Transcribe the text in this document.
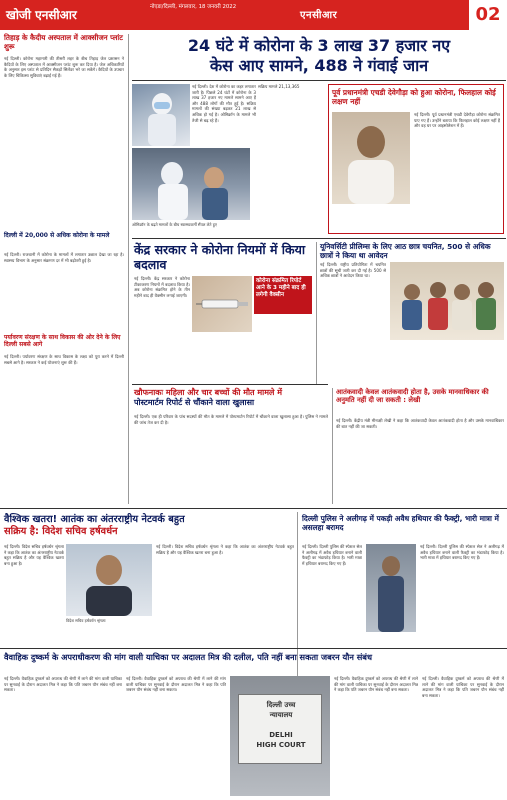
खोजी एनसीआर
नोएडा/दिल्ली, मंगलवार, 18 जनवरी 2022
एनसीआर	02
तिहाड़ के कैदीय अस्पताल में आक्सीजन प्लांट शुरू
नई दिल्ली। कोरोना महामारी की तीसरी लहर के बीच तिहाड़ जेल प्रशासन ने कैदियों के लिए अस्पताल में आक्सीजन प्लांट शुरू कर दिया है। जेल अधिकारियों के अनुसार इस प्लांट से प्रतिदिन सैकड़ों सिलेंडर भरे जा सकेंगे। कैदियों के उपचार के लिए चिकित्सा सुविधाएं बढ़ाई गई हैं।
दिल्ली में 20,000 से अधिक कोरोना के मामले
नई दिल्ली। राजधानी में कोरोना के मामलों में लगातार उछाल देखा जा रहा है। स्वास्थ्य विभाग के अनुसार संक्रमण दर में भी बढ़ोतरी हुई है।
पर्यावरण संरक्षण के साथ विकास की ओर देने के लिए दिल्ली सबसे आगे
नई दिल्ली। पर्यावरण संरक्षण के साथ विकास के लक्ष्य को पूरा करने में दिल्ली सबसे आगे है। सरकार ने कई योजनाएं शुरू की हैं।
24 घंटे में कोरोना के 3 लाख 37 हजार नए
केस आए सामने, 488 ने गंवाई जान
नई दिल्ली। देश में कोरोना का कहर लगातार जारी है। पिछले 24 घंटों में कोरोना के 3 लाख 37 हजार नए मामले सामने आए हैं और 488 लोगों की मौत हुई है। सक्रिय मामलों की संख्या बढ़कर 21 लाख से अधिक हो गई है। ओमिक्रॉन के मामले भी तेजी से बढ़ रहे हैं।
सक्रिय मामले 21,13,365
ओमिक्रॉन के बढ़ते मामलों के बीच स्वास्थ्यकर्मी सैंपल लेते हुए
पूर्व प्रधानमंत्री एचडी देवेगौड़ा को हुआ कोरोना, फिलहाल कोई लक्षण नहीं
नई दिल्ली। पूर्व प्रधानमंत्री एचडी देवेगौड़ा कोरोना संक्रमित पाए गए हैं। उन्होंने बताया कि फिलहाल कोई लक्षण नहीं हैं और वह घर पर आइसोलेशन में हैं।
केंद्र सरकार ने कोरोना नियमों में किया बदलाव
नई दिल्ली। केंद्र सरकार ने कोरोना टीकाकरण नियमों में बदलाव किया है। अब कोरोना संक्रमित होने के तीन महीने बाद ही वैक्सीन लगाई जाएगी।
कोरोना संक्रमित रिपोर्ट आने के 3 महीने बाद ही लगेगी वैक्सीन
यूनिवर्सिटी प्रीलिम्स के लिए आठ छात्र चयनित, 500 से अधिक छात्रों ने किया था आवेदन
नई दिल्ली। राष्ट्रीय प्रतियोगिता में चयनित छात्रों की सूची जारी कर दी गई है। 500 से अधिक छात्रों ने आवेदन किया था।
खौफनाकः महिला और चार बच्चों की मौत मामले में
पोस्टमार्टम रिपोर्ट से चौंकाने वाला खुलासा
नई दिल्ली। एक ही परिवार के पांच सदस्यों की मौत के मामले में पोस्टमार्टम रिपोर्ट में चौंकाने वाला खुलासा हुआ है। पुलिस ने मामले की जांच तेज कर दी है।
आतंकवादी केवल आतंकवादी होता है, उसके मानवाधिकार की अनुमति नहीं दी जा सकती : लेखी
नई दिल्ली। केंद्रीय मंत्री मीनाक्षी लेखी ने कहा कि आतंकवादी केवल आतंकवादी होता है और उसके मानवाधिकार की बात नहीं की जा सकती।
वैश्विक खतरा! आतंक का अंतरराष्ट्रीय नेटवर्क बहुत
सक्रिय है: विदेश सचिव हर्षवर्धन
नई दिल्ली। विदेश सचिव हर्षवर्धन श्रृंगला ने कहा कि आतंक का अंतरराष्ट्रीय नेटवर्क बहुत सक्रिय है और यह वैश्विक खतरा बना हुआ है।
विदेश सचिव हर्षवर्धन श्रृंगला
नई दिल्ली। विदेश सचिव हर्षवर्धन श्रृंगला ने कहा कि आतंक का अंतरराष्ट्रीय नेटवर्क बहुत सक्रिय है और यह वैश्विक खतरा बना हुआ है।
दिल्ली पुलिस ने अलीगढ़ में पकड़ी अवैध हथियार की फैक्ट्री, भारी मात्रा में असलहा बरामद
नई दिल्ली। दिल्ली पुलिस की स्पेशल सेल ने अलीगढ़ में अवैध हथियार बनाने वाली फैक्ट्री का भंडाफोड़ किया है। भारी मात्रा में हथियार बरामद किए गए हैं।
नई दिल्ली। दिल्ली पुलिस की स्पेशल सेल ने अलीगढ़ में अवैध हथियार बनाने वाली फैक्ट्री का भंडाफोड़ किया है। भारी मात्रा में हथियार बरामद किए गए हैं।
वैवाहिक दुष्कर्म के अपराधीकरण की मांग वाली याचिका पर अदालत मित्र की दलील, पति नहीं बना सकता जबरन यौन संबंध
नई दिल्ली। वैवाहिक दुष्कर्म को अपराध की श्रेणी में लाने की मांग वाली याचिका पर सुनवाई के दौरान अदालत मित्र ने कहा कि पति जबरन यौन संबंध नहीं बना सकता।
नई दिल्ली। वैवाहिक दुष्कर्म को अपराध की श्रेणी में लाने की मांग वाली याचिका पर सुनवाई के दौरान अदालत मित्र ने कहा कि पति जबरन यौन संबंध नहीं बना सकता।
दिल्ली उच्च
न्यायालय
DELHI
HIGH COURT
नई दिल्ली। वैवाहिक दुष्कर्म को अपराध की श्रेणी में लाने की मांग वाली याचिका पर सुनवाई के दौरान अदालत मित्र ने कहा कि पति जबरन यौन संबंध नहीं बना सकता।
नई दिल्ली। वैवाहिक दुष्कर्म को अपराध की श्रेणी में लाने की मांग वाली याचिका पर सुनवाई के दौरान अदालत मित्र ने कहा कि पति जबरन यौन संबंध नहीं बना सकता।
